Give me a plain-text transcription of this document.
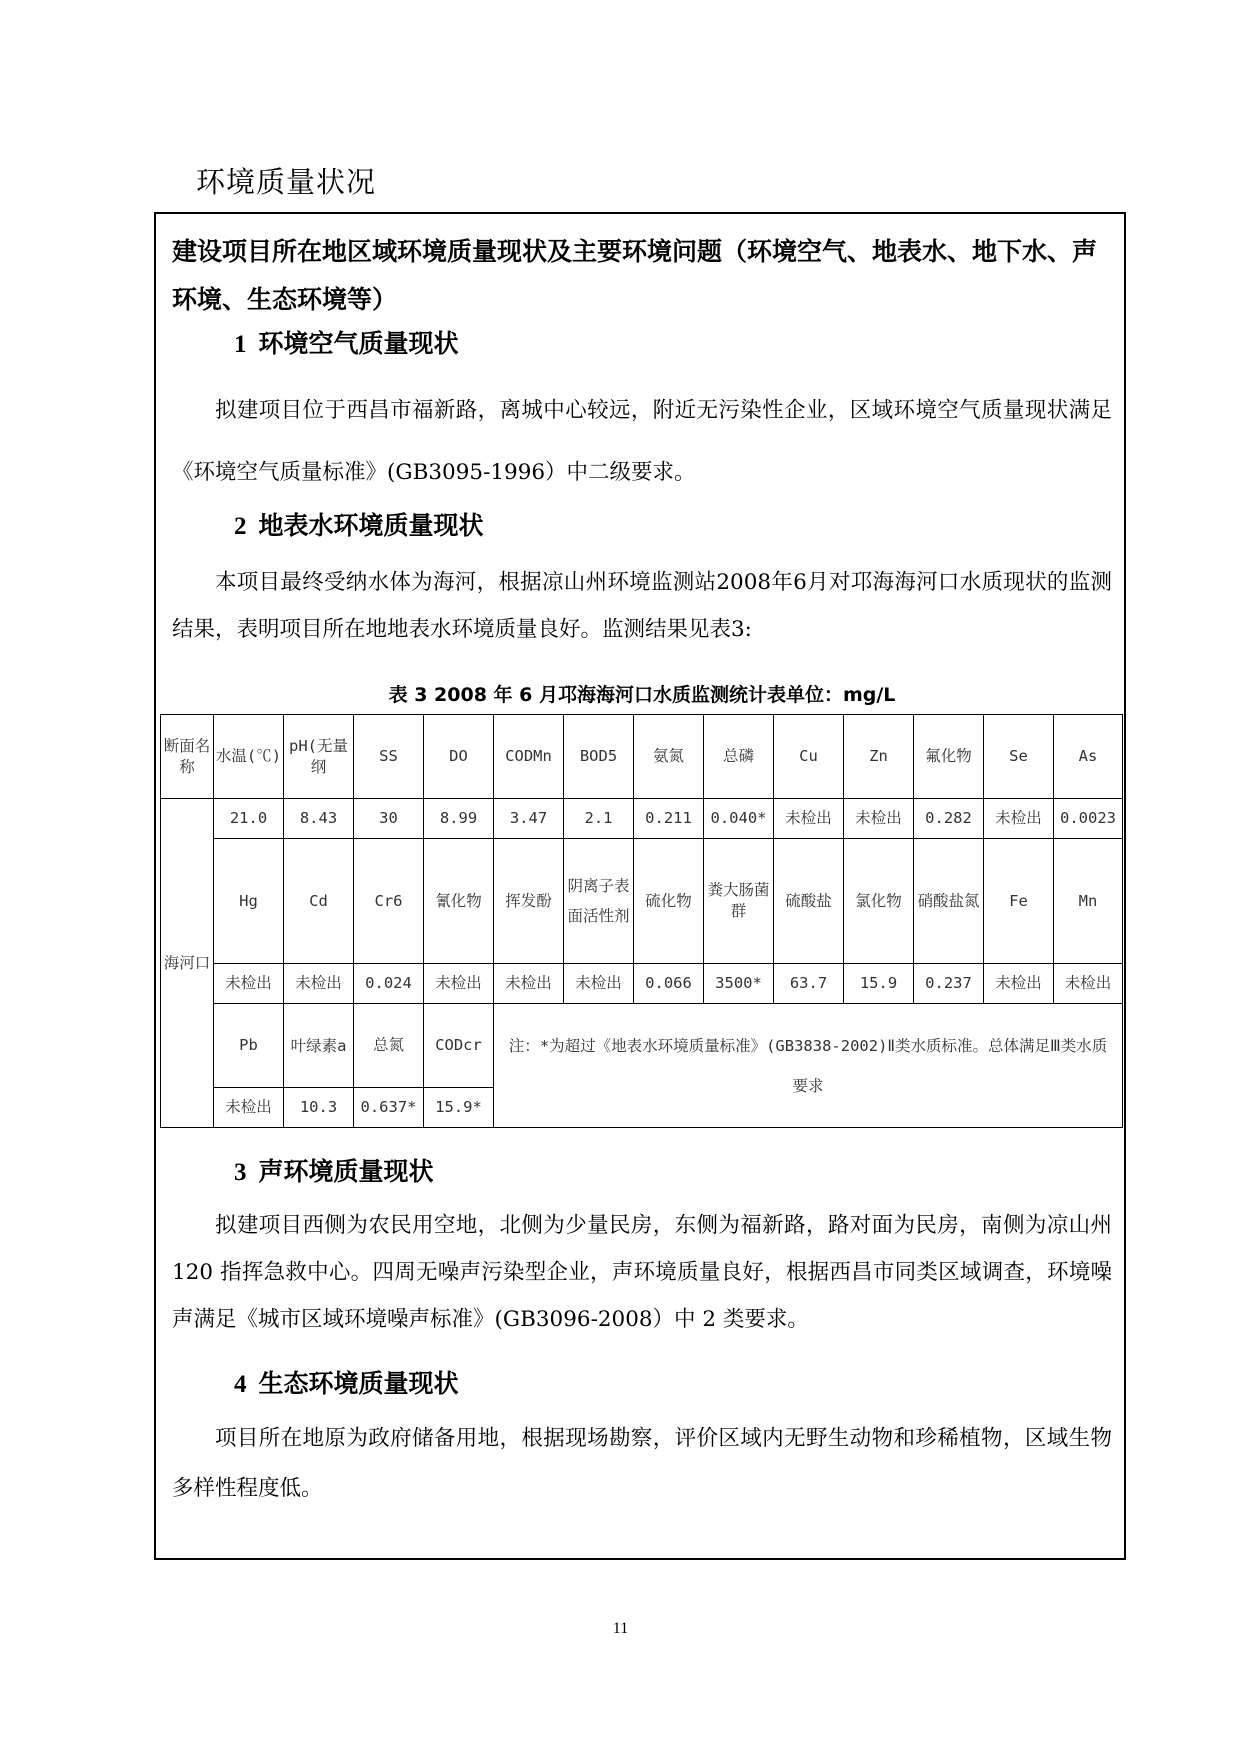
环境质量状况
建设项目所在地区域环境质量现状及主要环境问题（环境空气、地表水、地下水、声环境、生态环境等）
1 环境空气质量现状
拟建项目位于西昌市福新路，离城中心较远，附近无污染性企业，区域环境空气质量现状满足《环境空气质量标准》(GB3095-1996）中二级要求。
2 地表水环境质量现状
本项目最终受纳水体为海河，根据凉山州环境监测站2008年6月对邛海海河口水质现状的监测结果，表明项目所在地地表水环境质量良好。监测结果见表3:
表 3 2008 年 6 月邛海海河口水质监测统计表单位：mg/L
断面名称	水温(℃)	pH(无量纲	SS	DO	CODMn	BOD5	氨氮	总磷	Cu	Zn	氟化物	Se	As
海河口	21.0	8.43	30	8.99	3.47	2.1	0.211	0.040*	未检出	未检出	0.282	未检出	0.0023
	Hg	Cd	Cr6	氰化物	挥发酚	阴离子表面活性剂	硫化物	粪大肠菌群	硫酸盐	氯化物	硝酸盐氮	Fe	Mn
	未检出	未检出	0.024	未检出	未检出	未检出	0.066	3500*	63.7	15.9	0.237	未检出	未检出
	Pb	叶绿素a	总氮	CODcr	注：*为超过《地表水环境质量标准》(GB3838-2002)Ⅱ类水质标准。总体满足Ⅲ类水质要求								
	未检出	10.3	0.637*	15.9*									
3 声环境质量现状
拟建项目西侧为农民用空地，北侧为少量民房，东侧为福新路，路对面为民房，南侧为凉山州 120 指挥急救中心。四周无噪声污染型企业，声环境质量良好，根据西昌市同类区域调查，环境噪声满足《城市区域环境噪声标准》(GB3096-2008）中 2 类要求。
4 生态环境质量现状
项目所在地原为政府储备用地，根据现场勘察，评价区域内无野生动物和珍稀植物，区域生物多样性程度低。
11
